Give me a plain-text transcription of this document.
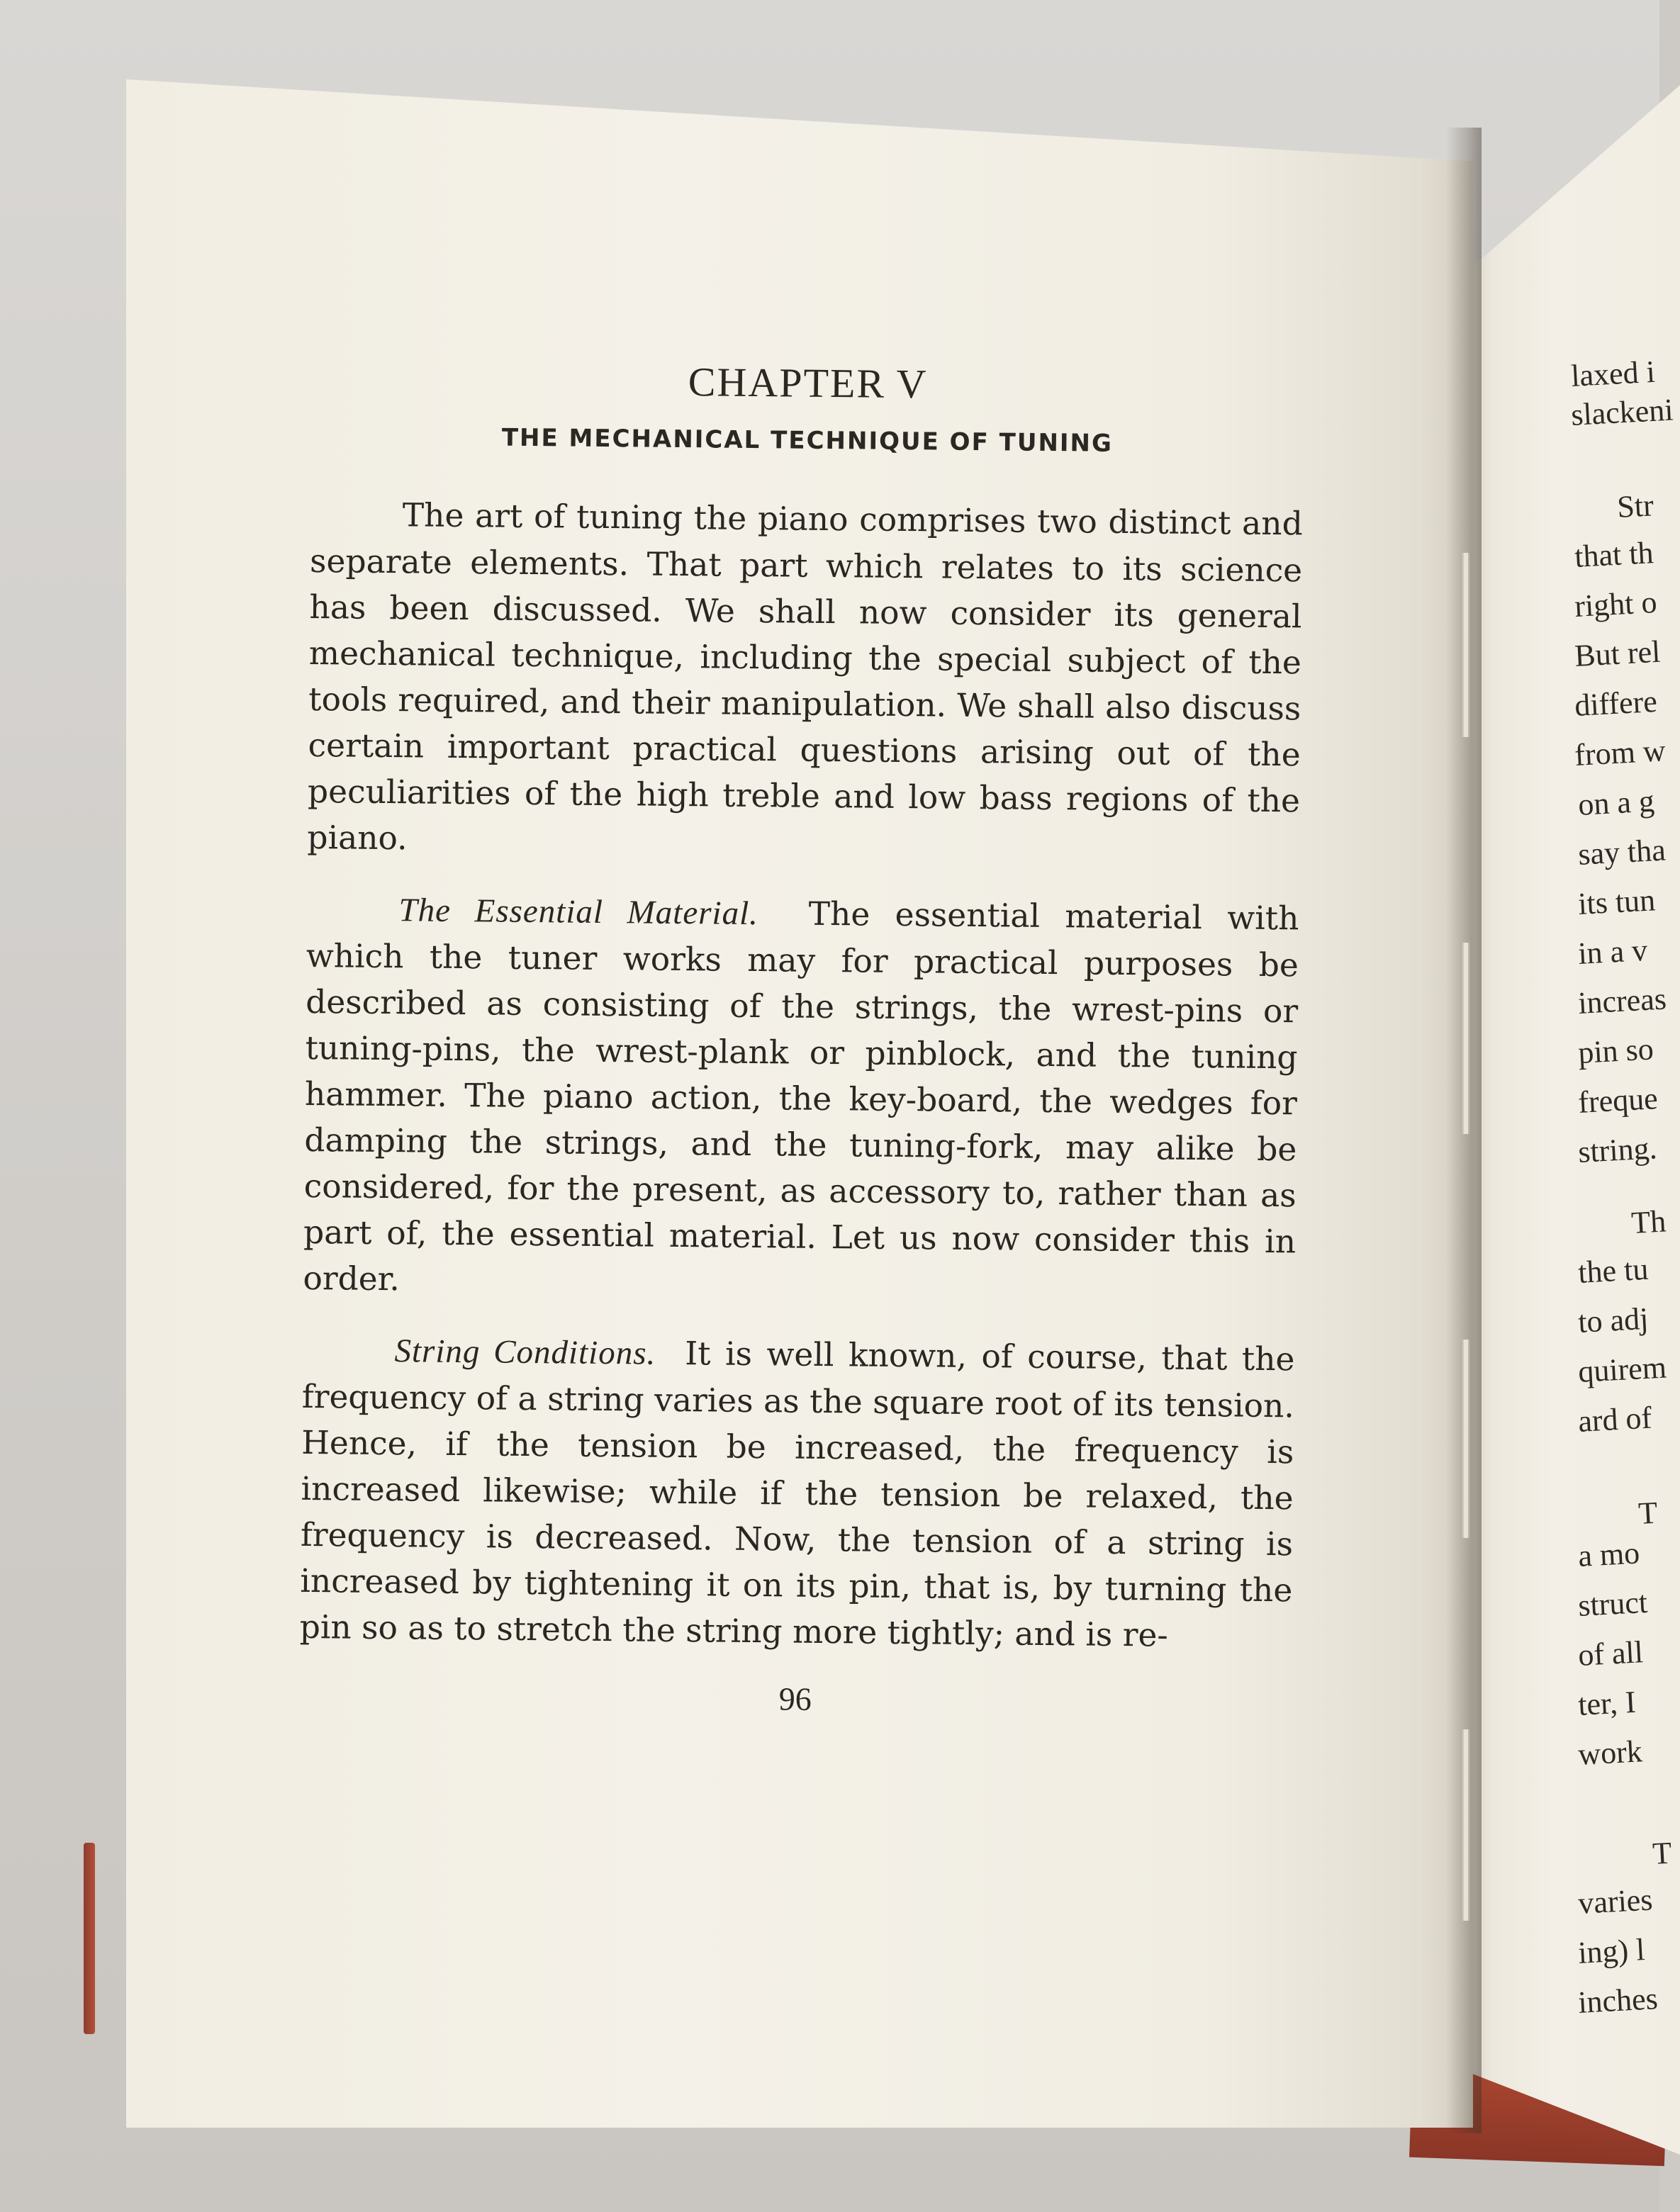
CHAPTER V
THE MECHANICAL TECHNIQUE OF TUNING

The art of tuning the piano comprises two distinct and separate elements. That part which relates to its science has been discussed. We shall now consider its general mechanical technique, including the special subject of the tools required, and their manipulation. We shall also discuss certain important practical questions arising out of the peculiarities of the high treble and low bass regions of the piano.

The Essential Material. The essential material with which the tuner works may for practical purposes be described as consisting of the strings, the wrest-pins or tuning-pins, the wrest-plank or pinblock, and the tuning hammer. The piano action, the key-board, the wedges for damping the strings, and the tuning-fork, may alike be considered, for the present, as accessory to, rather than as part of, the essential material. Let us now consider this in order.

String Conditions. It is well known, of course, that the frequency of a string varies as the square root of its tension. Hence, if the tension be increased, the frequency is increased likewise; while if the tension be relaxed, the frequency is decreased. Now, the tension of a string is increased by tightening it on its pin, that is, by turning the pin so as to stretch the string more tightly; and is re-

96
laxed i
slackeni
Str
that th
right o
But rel
differe
from w
on a g
say tha
its tun
in a v
increas
pin so
freque
string.
Th
the tu
to adj
quirem
ard of
T
a mo
struct
of all
ter, I
work
T
varies
ing) l
inches
